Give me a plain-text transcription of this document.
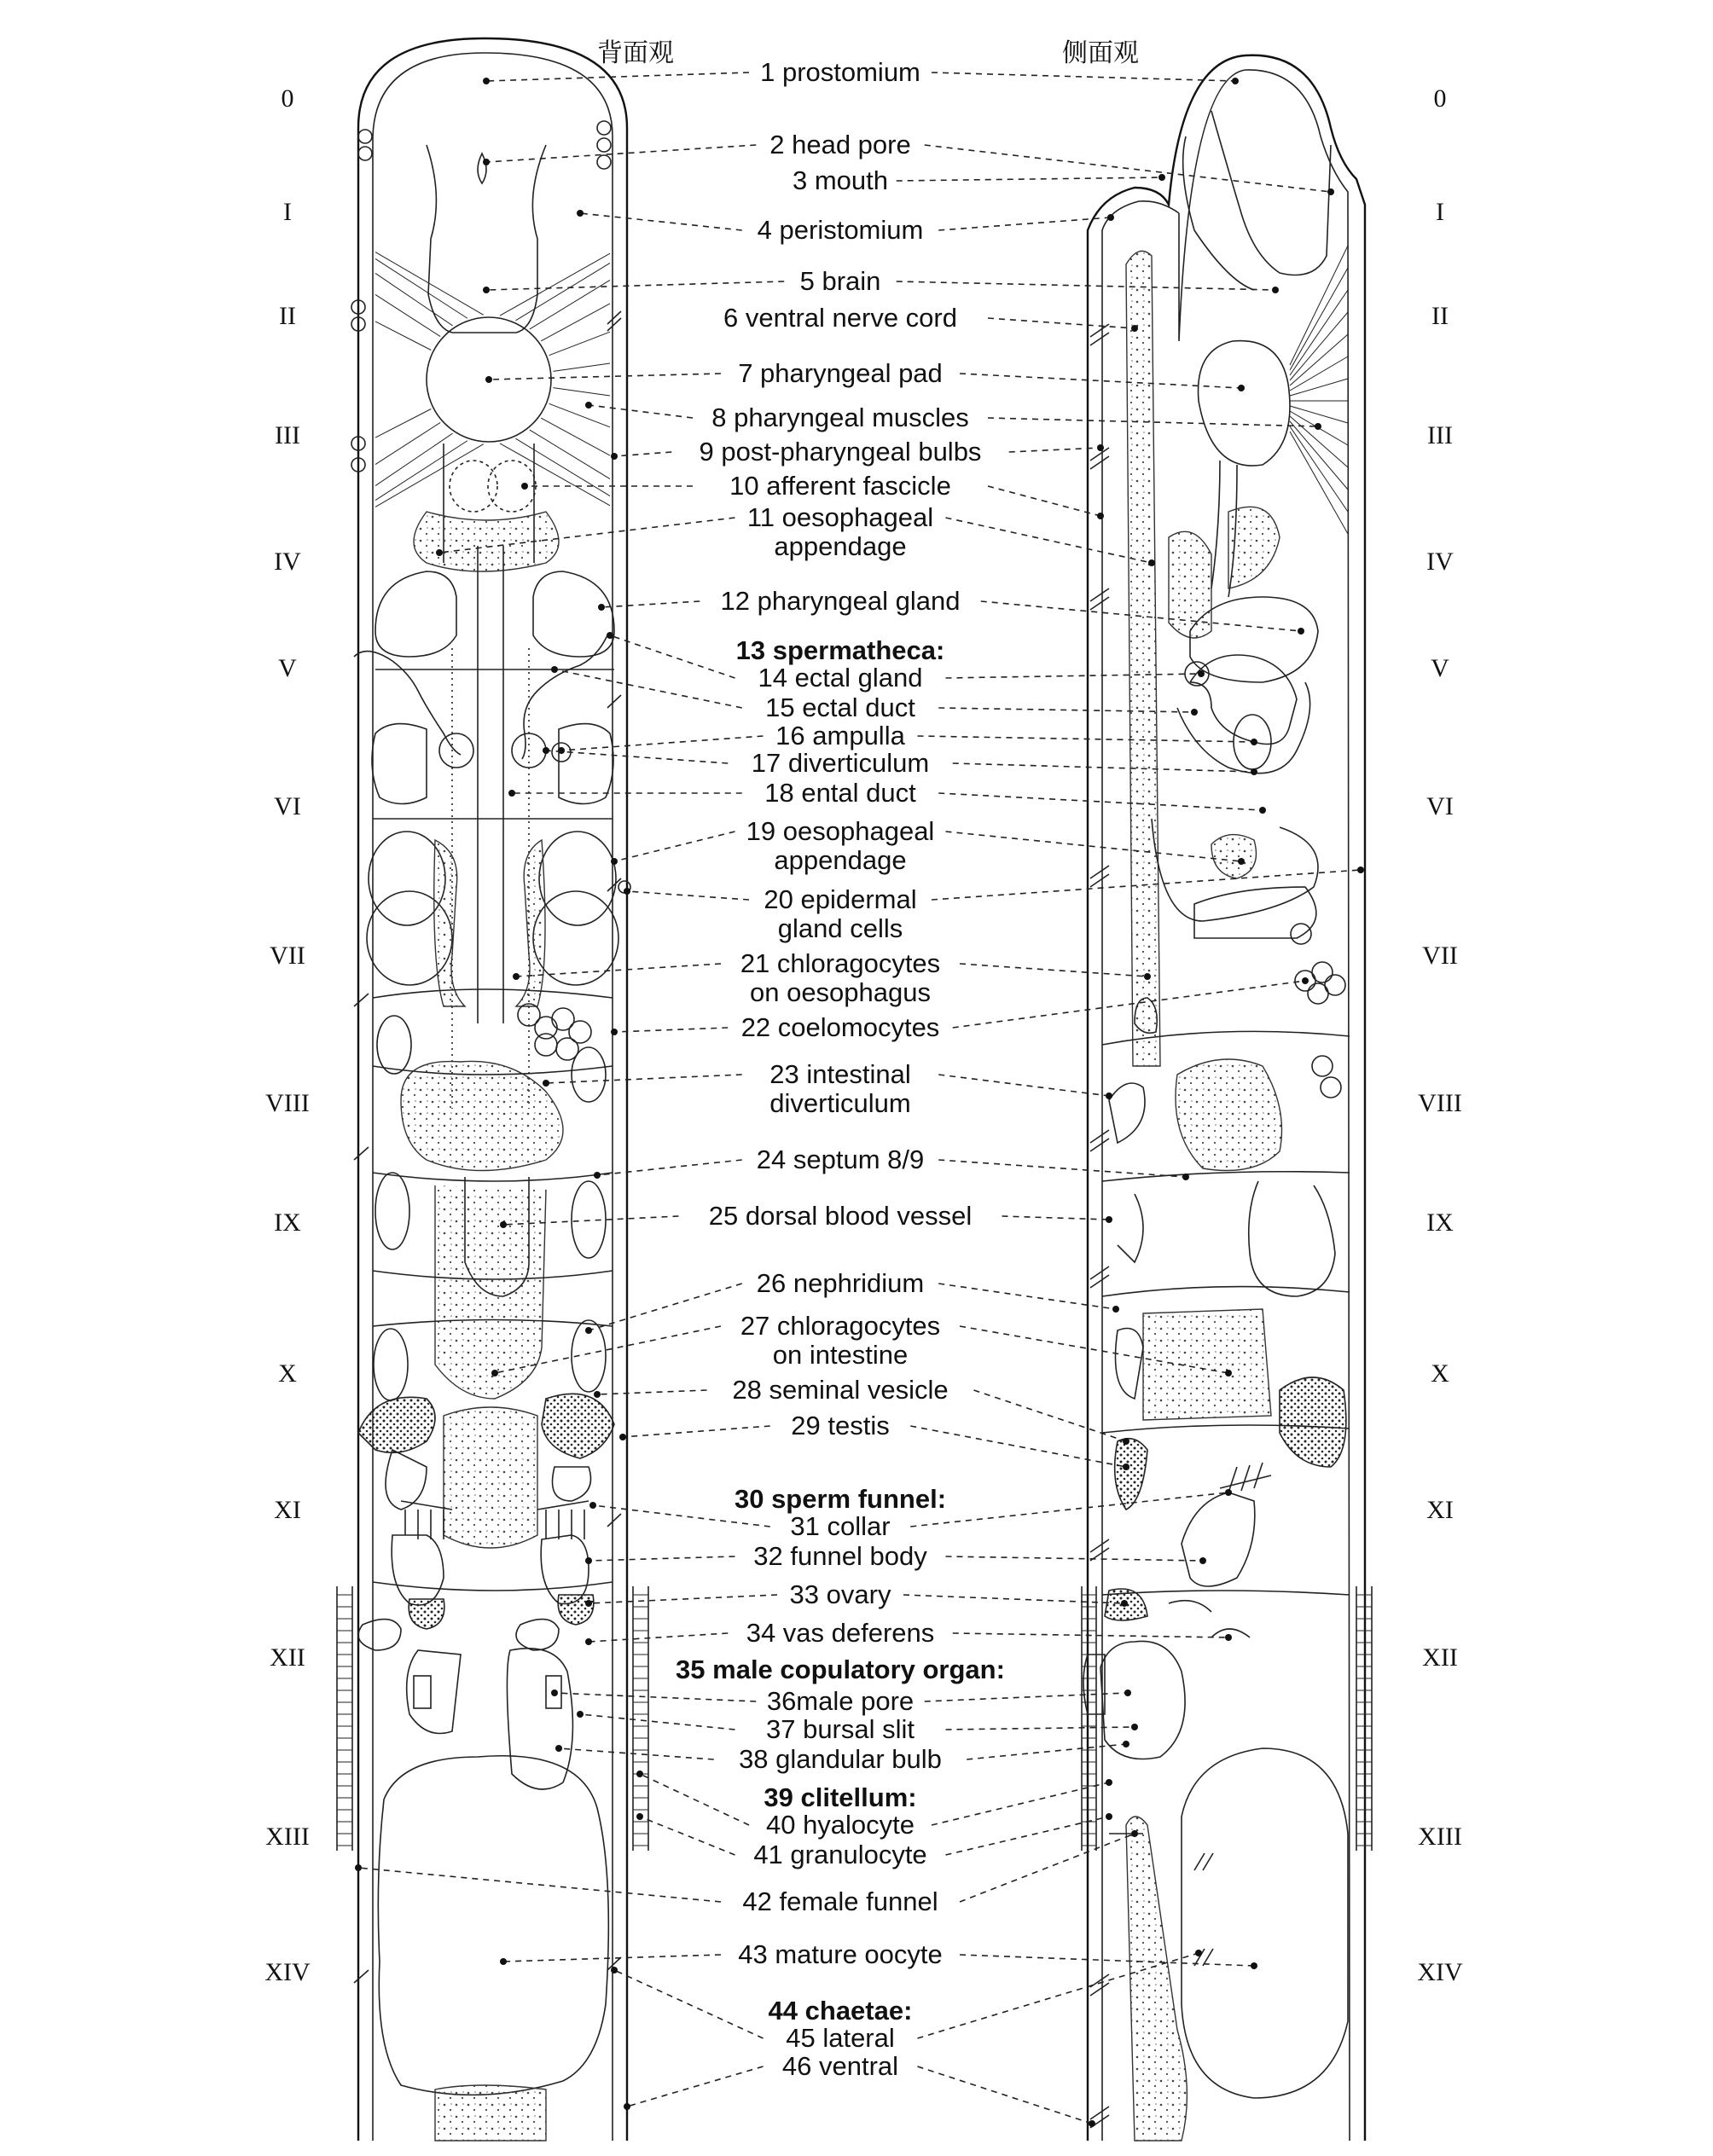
背面观	侧面观
0
I
II
III
IV
V
VI
VII
VIII
IX
X
XI
XII
XIII
XIV
0
I
II
III
IV
V
VI
VII
VIII
IX
X
XI
XII
XIII
XIV
1 prostomium
2 head pore
3 mouth
4 peristomium
5 brain
6 ventral nerve cord
7 pharyngeal pad
8 pharyngeal muscles
9 post-pharyngeal bulbs
10 afferent fascicle
11 oesophageal
appendage
12 pharyngeal gland
13 spermatheca:
14 ectal gland
15 ectal duct
16 ampulla
17 diverticulum
18 ental duct
19 oesophageal
appendage
20 epidermal
gland cells
21 chloragocytes
on oesophagus
22 coelomocytes
23 intestinal
diverticulum
24 septum 8/9
25 dorsal blood vessel
26 nephridium
27 chloragocytes
on intestine
28 seminal vesicle
29 testis
30 sperm funnel:
31 collar
32 funnel body
33 ovary
34 vas deferens
35 male copulatory organ:
36male pore
37 bursal slit
38 glandular bulb
39 clitellum:
40 hyalocyte
41 granulocyte
42 female funnel
43 mature oocyte
44 chaetae:
45 lateral
46 ventral
